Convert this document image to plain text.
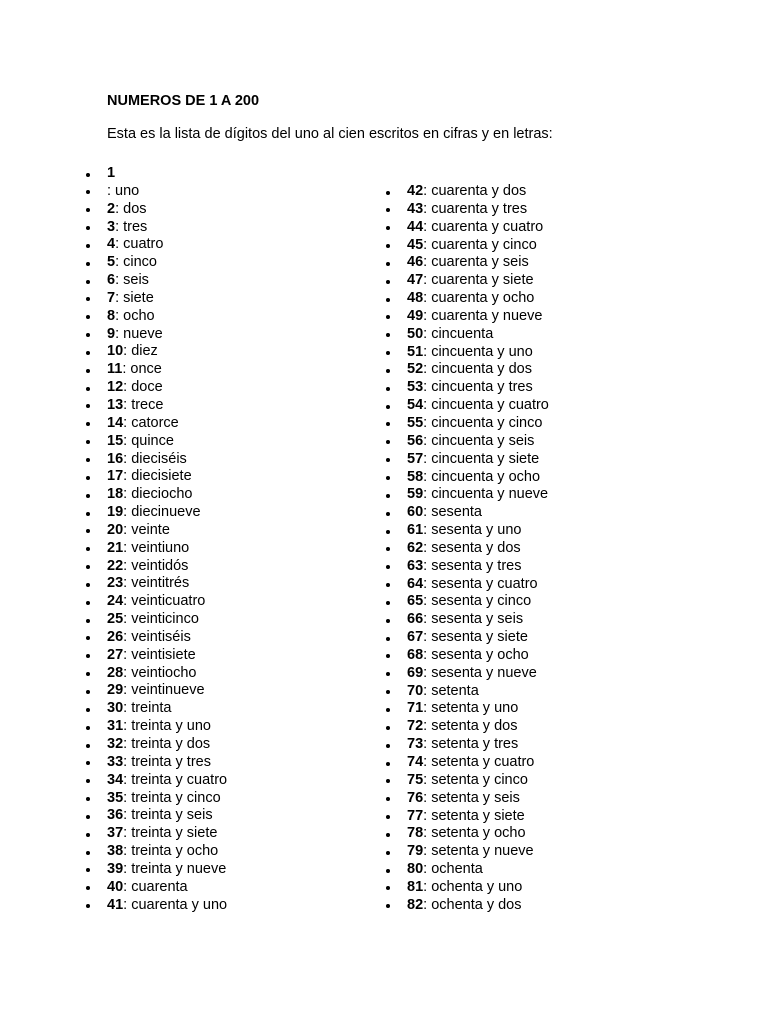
NUMEROS DE 1 A 200
Esta es la lista de dígitos del uno al cien escritos en cifras y en letras:
1
: uno
2: dos
3: tres
4: cuatro
5: cinco
6: seis
7: siete
8: ocho
9: nueve
10: diez
11: once
12: doce
13: trece
14: catorce
15: quince
16: dieciséis
17: diecisiete
18: dieciocho
19: diecinueve
20: veinte
21: veintiuno
22: veintidós
23: veintitrés
24: veinticuatro
25: veinticinco
26: veintiséis
27: veintisiete
28: veintiocho
29: veintinueve
30: treinta
31: treinta y uno
32: treinta y dos
33: treinta y tres
34: treinta y cuatro
35: treinta y cinco
36: treinta y seis
37: treinta y siete
38: treinta y ocho
39: treinta y nueve
40: cuarenta
41: cuarenta y uno
42: cuarenta y dos
43: cuarenta y tres
44: cuarenta y cuatro
45: cuarenta y cinco
46: cuarenta y seis
47: cuarenta y siete
48: cuarenta y ocho
49: cuarenta y nueve
50: cincuenta
51: cincuenta y uno
52: cincuenta y dos
53: cincuenta y tres
54: cincuenta y cuatro
55: cincuenta y cinco
56: cincuenta y seis
57: cincuenta y siete
58: cincuenta y ocho
59: cincuenta y nueve
60: sesenta
61: sesenta y uno
62: sesenta y dos
63: sesenta y tres
64: sesenta y cuatro
65: sesenta y cinco
66: sesenta y seis
67: sesenta y siete
68: sesenta y ocho
69: sesenta y nueve
70: setenta
71: setenta y uno
72: setenta y dos
73: setenta y tres
74: setenta y cuatro
75: setenta y cinco
76: setenta y seis
77: setenta y siete
78: setenta y ocho
79: setenta y nueve
80: ochenta
81: ochenta y uno
82: ochenta y dos
